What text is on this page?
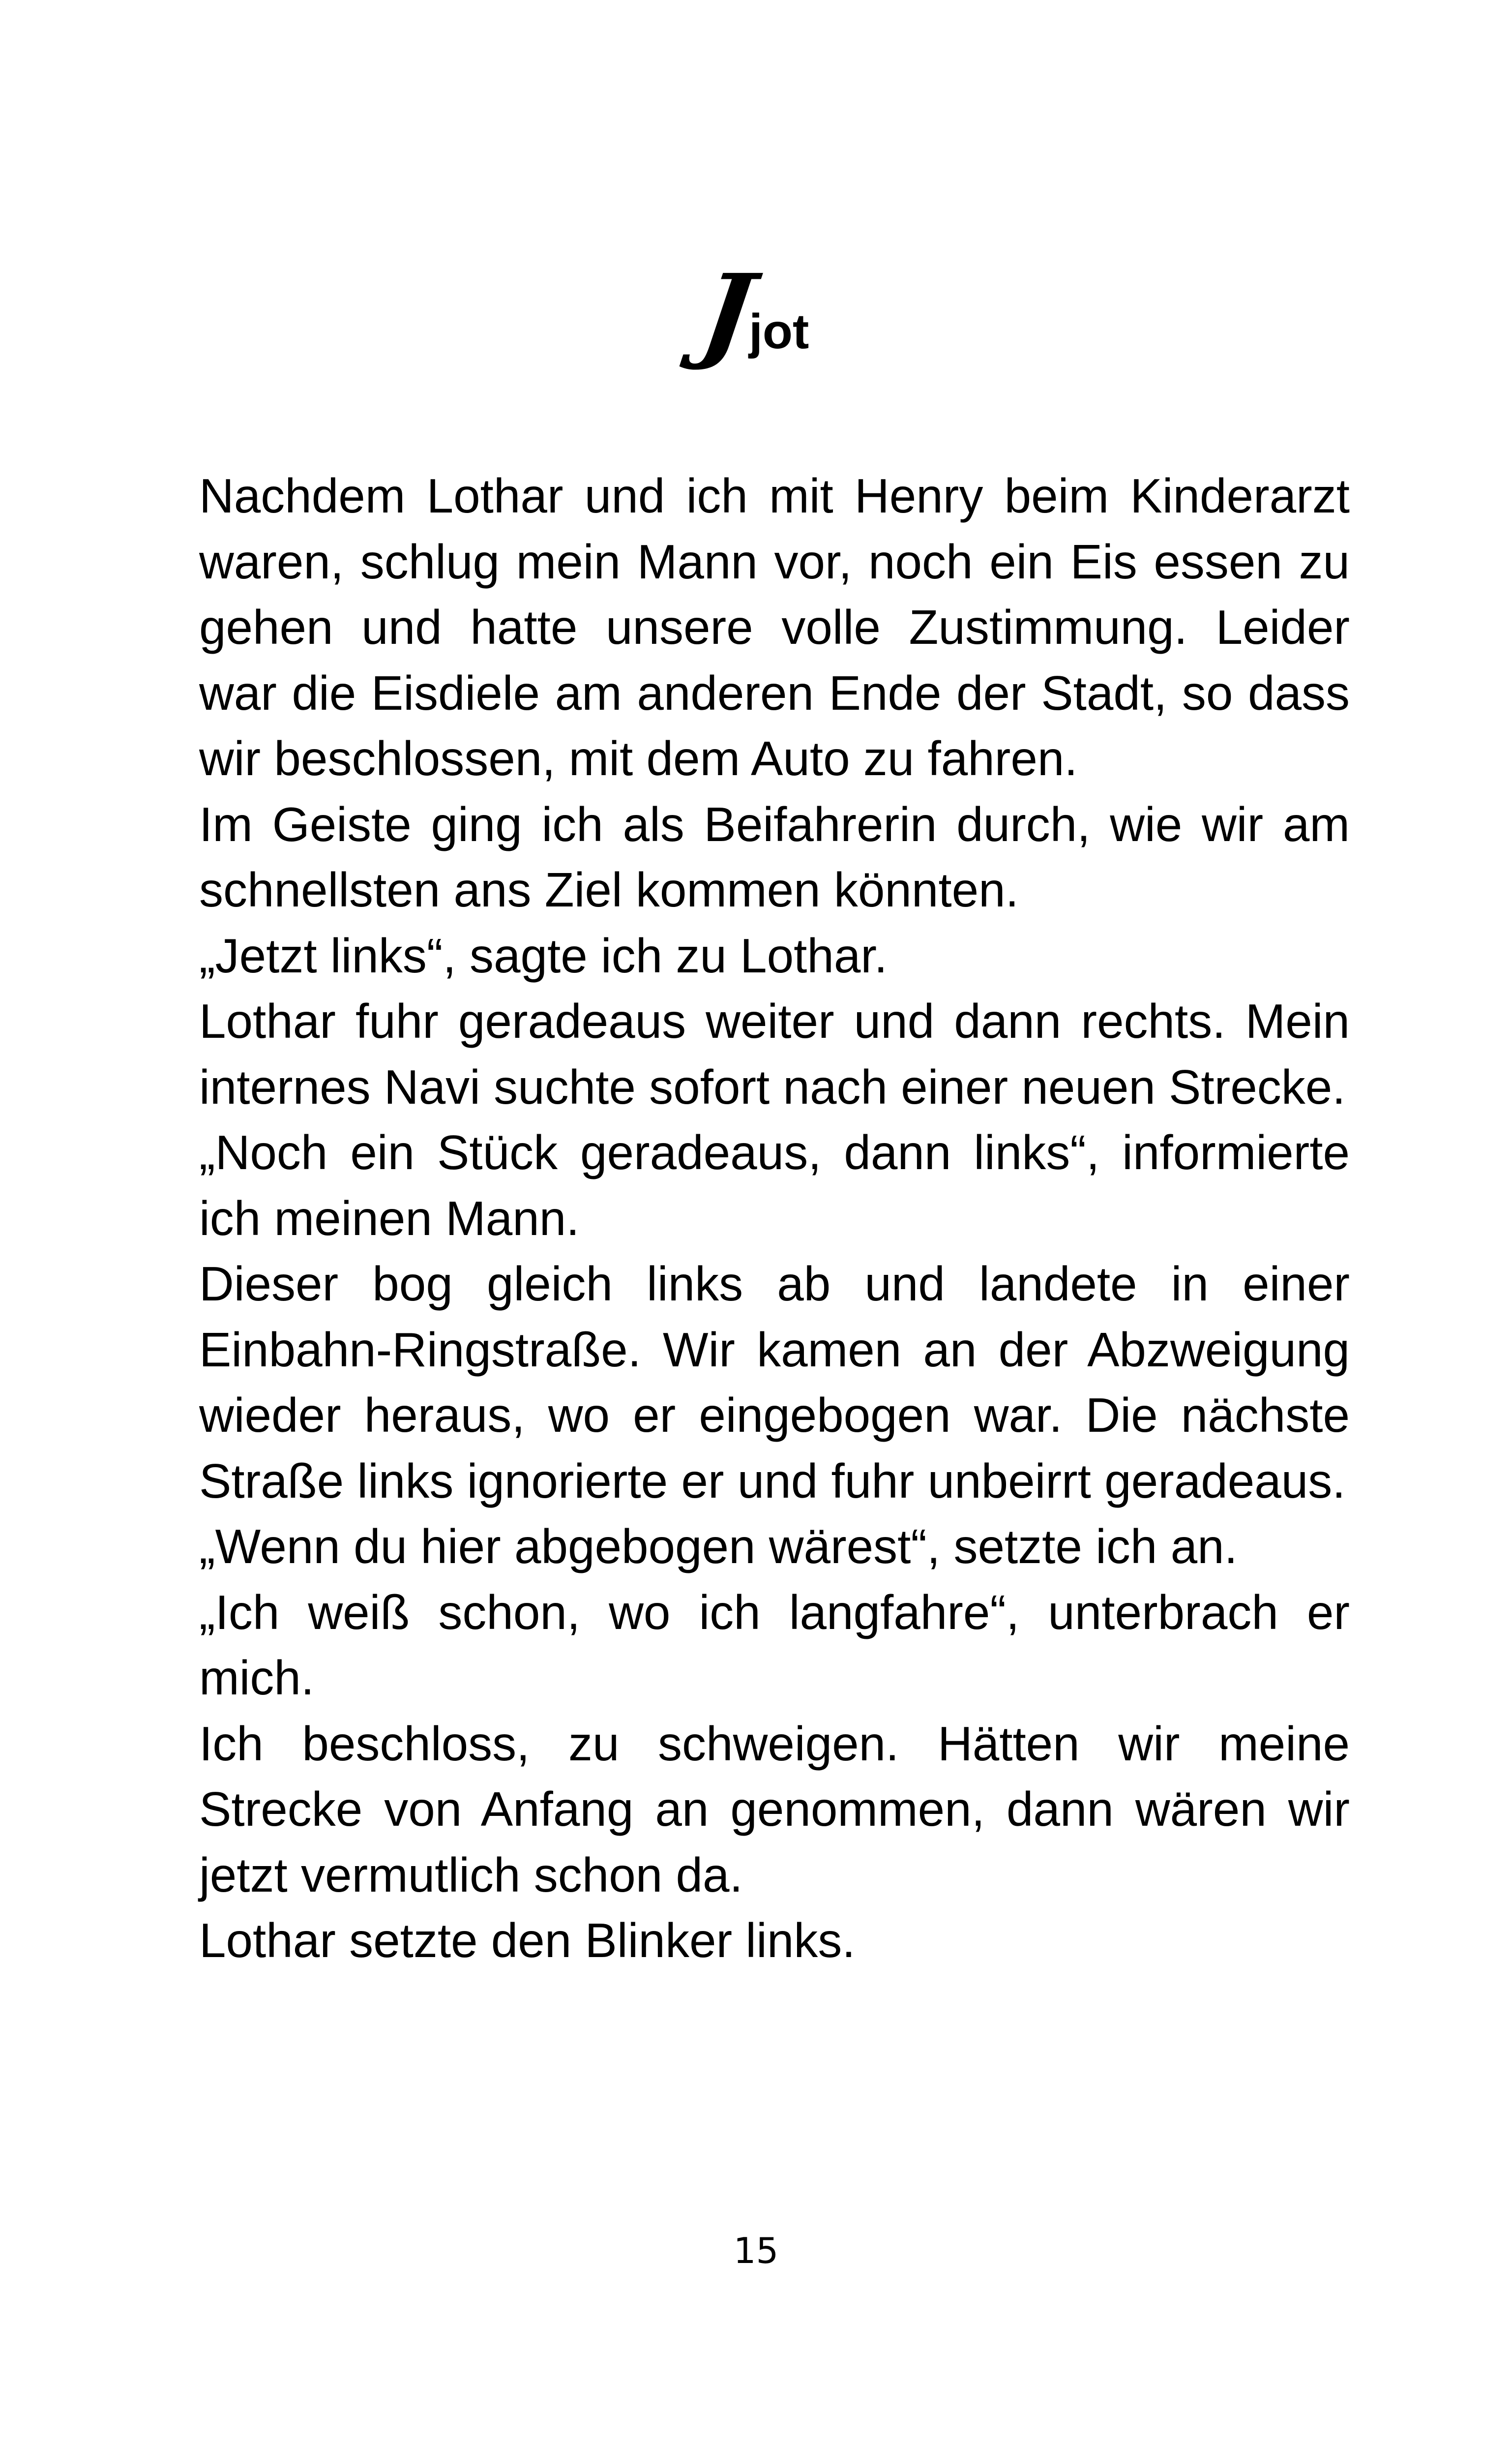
Jjot

Nachdem Lothar und ich mit Henry beim Kinderarzt waren, schlug mein Mann vor, noch ein Eis essen zu gehen und hatte unsere volle Zustimmung. Leider war die Eisdiele am anderen Ende der Stadt, so dass wir beschlossen, mit dem Auto zu fahren.

Im Geiste ging ich als Beifahrerin durch, wie wir am schnellsten ans Ziel kommen könnten.

„Jetzt links“, sagte ich zu Lothar.

Lothar fuhr geradeaus weiter und dann rechts. Mein internes Navi suchte sofort nach einer neuen Strecke.

„Noch ein Stück geradeaus, dann links“, informierte ich meinen Mann.

Dieser bog gleich links ab und landete in einer Einbahn-Ringstraße. Wir kamen an der Abzweigung wieder heraus, wo er eingebogen war. Die nächste Straße links ignorierte er und fuhr unbeirrt geradeaus.

„Wenn du hier abgebogen wärest“, setzte ich an.

„Ich weiß schon, wo ich langfahre“, unterbrach er mich.

Ich beschloss, zu schweigen. Hätten wir meine Strecke von Anfang an genommen, dann wären wir jetzt vermutlich schon da.

Lothar setzte den Blinker links.

15
